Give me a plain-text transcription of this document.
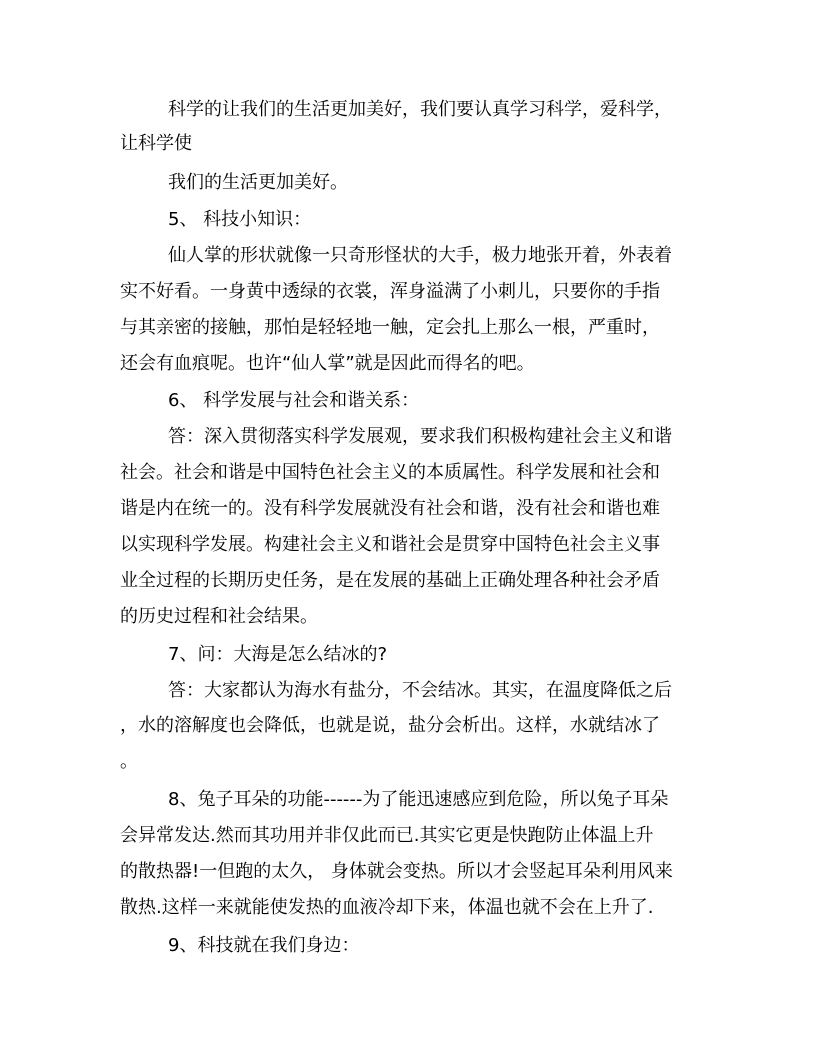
科学的让我们的生活更加美好，我们要认真学习科学，爱科学，
让科学使
我们的生活更加美好。
5、 科技小知识：
仙人掌的形状就像一只奇形怪状的大手，极力地张开着，外表着
实不好看。一身黄中透绿的衣裳，浑身溢满了小刺儿，只要你的手指
与其亲密的接触，那怕是轻轻地一触，定会扎上那么一根，严重时，
还会有血痕呢。也许“仙人掌”就是因此而得名的吧。
6、 科学发展与社会和谐关系：
答：深入贯彻落实科学发展观，要求我们积极构建社会主义和谐
社会。社会和谐是中国特色社会主义的本质属性。科学发展和社会和
谐是内在统一的。没有科学发展就没有社会和谐，没有社会和谐也难
以实现科学发展。构建社会主义和谐社会是贯穿中国特色社会主义事
业全过程的长期历史任务，是在发展的基础上正确处理各种社会矛盾
的历史过程和社会结果。
7、问：大海是怎么结冰的?
答：大家都认为海水有盐分，不会结冰。其实，在温度降低之后
，水的溶解度也会降低，也就是说，盐分会析出。这样，水就结冰了
。
8、兔子耳朵的功能------为了能迅速感应到危险，所以兔子耳朵
会异常发达.然而其功用并非仅此而已.其实它更是快跑防止体温上升
的散热器!一但跑的太久， 身体就会变热。所以才会竖起耳朵利用风来
散热.这样一来就能使发热的血液冷却下来，体温也就不会在上升了.
9、科技就在我们身边：
